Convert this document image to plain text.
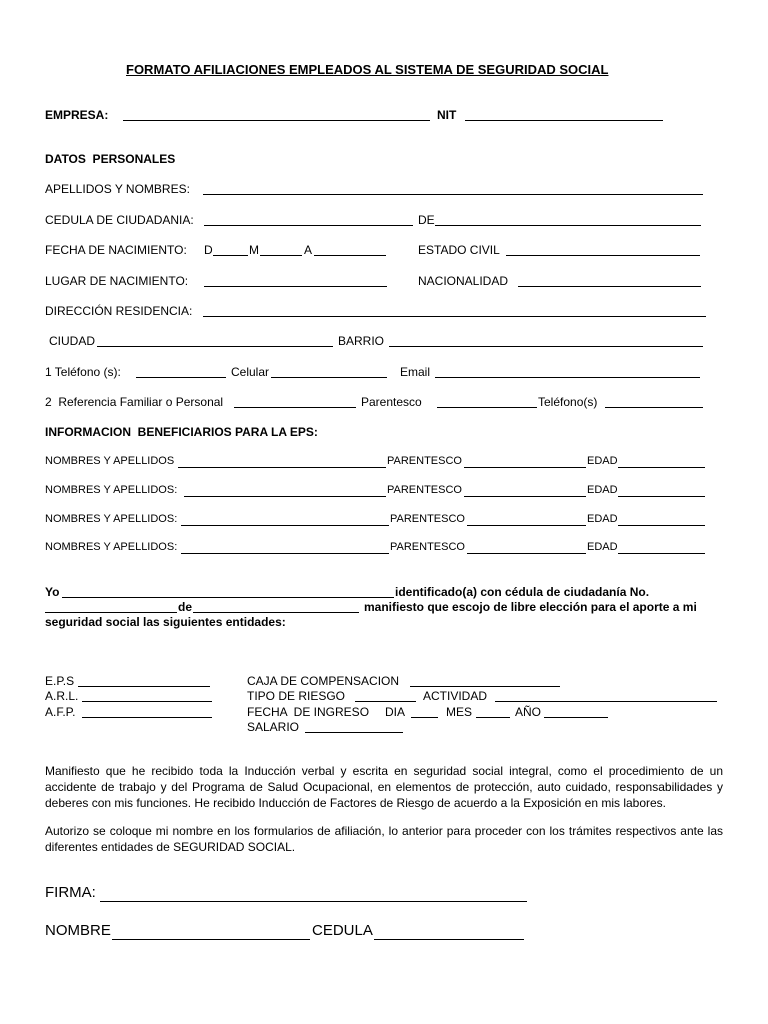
FORMATO AFILIACIONES EMPLEADOS AL SISTEMA DE SEGURIDAD SOCIAL
EMPRESA:	NIT
DATOS  PERSONALES
APELLIDOS Y NOMBRES:
CEDULA DE CIUDADANIA:	DE
FECHA DE NACIMIENTO: D	M	A	ESTADO CIVIL
LUGAR DE NACIMIENTO:	NACIONALIDAD
DIRECCIÓN RESIDENCIA:
CIUDAD	BARRIO
1 Teléfono (s):	Celular	Email
2  Referencia Familiar o Personal	Parentesco	Teléfono(s)
INFORMACION  BENEFICIARIOS PARA LA EPS:
NOMBRES Y APELLIDOS	PARENTESCO	EDAD
NOMBRES Y APELLIDOS:	PARENTESCO	EDAD
NOMBRES Y APELLIDOS:	PARENTESCO	EDAD
NOMBRES Y APELLIDOS:	PARENTESCO	EDAD
Yo	identificado(a) con cédula de ciudadanía No.
de	manifiesto que escojo de libre elección para el aporte a mi
seguridad social las siguientes entidades:
E.P.S
A.R.L.
A.F.P.
CAJA DE COMPENSACION
TIPO DE RIESGO	ACTIVIDAD
FECHA  DE INGRESO DIA	MES	AÑO
SALARIO
Manifiesto que he recibido toda la Inducción verbal y escrita en seguridad social integral, como el procedimiento de un accidente de trabajo y del Programa de Salud Ocupacional, en elementos de protección, auto cuidado, responsabilidades y deberes con mis funciones. He recibido Inducción de Factores de Riesgo de acuerdo a la Exposición en mis labores.
Autorizo se coloque mi nombre en los formularios de afiliación, lo anterior para proceder con los trámites respectivos ante las diferentes entidades de SEGURIDAD SOCIAL.
FIRMA:
NOMBRE	CEDULA
